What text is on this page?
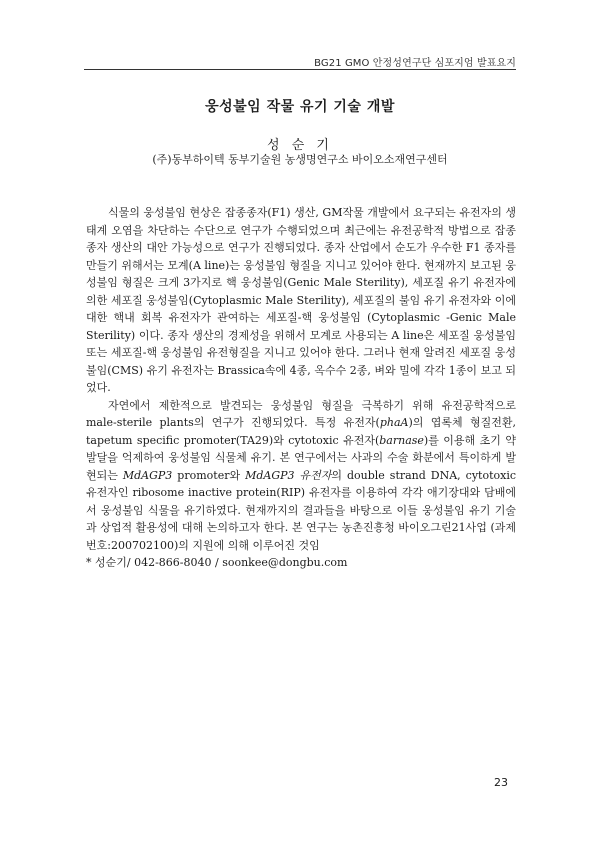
BG21 GMO 안정성연구단 심포지엄 발표요지
웅성불임 작물 유기 기술 개발
성 순 기
(주)동부하이텍 동부기술원 농생명연구소 바이오소재연구센터

식물의 웅성불임 현상은 잡종종자(F1) 생산, GM작물 개발에서 요구되는 유전자의 생태계 오염을 차단하는 수단으로 연구가 수행되었으며 최근에는 유전공학적 방법으로 잡종종자 생산의 대안 가능성으로 연구가 진행되었다. 종자 산업에서 순도가 우수한 F1 종자를 만들기 위해서는 모계(A line)는 웅성불임 형질을 지니고 있어야 한다. 현재까지 보고된 웅성불임 형질은 크게 3가지로 핵 웅성불임(Genic Male Sterility), 세포질 유기 유전자에 의한 세포질 웅성불임(Cytoplasmic Male Sterility), 세포질의 불임 유기 유전자와 이에 대한 핵내 회복 유전자가 관여하는 세포질-핵 웅성불임 (Cytoplasmic -Genic Male Sterility) 이다. 종자 생산의 경제성을 위해서 모계로 사용되는 A line은 세포질 웅성불임 또는 세포질-핵 웅성불임 유전형질을 지니고 있어야 한다. 그러나 현재 알려진 세포질 웅성불임(CMS) 유기 유전자는 Brassica속에 4종, 옥수수 2종, 벼와 밀에 각각 1종이 보고 되었다.

자연에서 제한적으로 발견되는 웅성불임 형질을 극복하기 위해 유전공학적으로 male-sterile plants의 연구가 진행되었다. 특정 유전자(phaA)의 엽록체 형질전환, tapetum specific promoter(TA29)와 cytotoxic 유전자(barnase)를 이용해 초기 약 발달을 억제하여 웅성불임 식물체 유기. 본 연구에서는 사과의 수술 화분에서 특이하게 발현되는 MdAGP3 promoter와 MdAGP3 유전자의 double strand DNA, cytotoxic 유전자인 ribosome inactive protein(RIP) 유전자를 이용하여 각각 애기장대와 담배에서 웅성불임 식물을 유기하였다. 현재까지의 결과들을 바탕으로 이들 웅성불임 유기 기술과 상업적 활용성에 대해 논의하고자 한다. 본 연구는 농촌진흥청 바이오그린21사업 (과제번호:200702100)의 지원에 의해 이루어진 것임

* 성순기/ 042-866-8040 / soonkee@dongbu.com

23
